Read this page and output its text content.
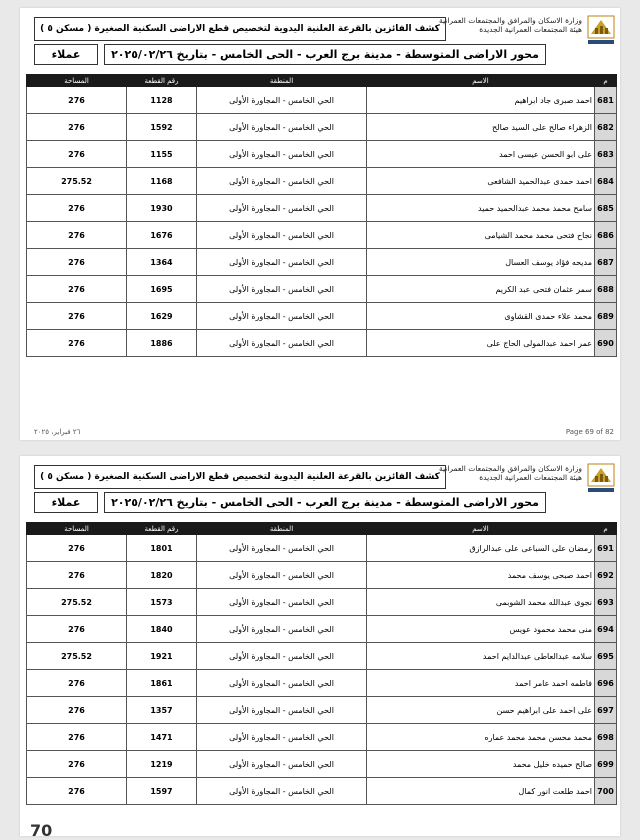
وزارة الاسكان والمرافق والمجتمعات العمرانية
هيئة المجتمعات العمرانية الجديدة
كشف الفائزين بالقرعة العلنية اليدوية لتخصيص قطع الاراضى السكنية الصغيرة ( مسكن ٥ )
محور الاراضى المتوسطة - مدينة برج العرب - الحى الخامس - بتاريخ ٢٠٢٥/٠٢/٢٦
عملاء
م	الاسم	المنطقة	رقم القطعة	المساحة
681	احمد صبرى جاد ابراهيم	الحي الخامس - المجاورة الأولى	1128	276
682	الزهراء صالح على السيد صالح	الحي الخامس - المجاورة الأولى	1592	276
683	على ابو الحسن عيسى احمد	الحي الخامس - المجاورة الأولى	1155	276
684	احمد حمدى عبدالحميد الشافعى	الحي الخامس - المجاورة الأولى	1168	275.52
685	سامح محمد محمد عبدالحميد حميد	الحي الخامس - المجاورة الأولى	1930	276
686	نجاح فتحى محمد محمد الشيامى	الحي الخامس - المجاورة الأولى	1676	276
687	مديحه فؤاد يوسف العسال	الحي الخامس - المجاورة الأولى	1364	276
688	سمر عثمان فتحى عبد الكريم	الحي الخامس - المجاورة الأولى	1695	276
689	محمد علاء حمدى القشاوى	الحي الخامس - المجاورة الأولى	1629	276
690	عمر احمد عبدالمولى الحاج على	الحي الخامس - المجاورة الأولى	1886	276
٢٦ فبراير، ٢٠٢٥	Page 69 of 82
وزارة الاسكان والمرافق والمجتمعات العمرانية
هيئة المجتمعات العمرانية الجديدة
كشف الفائزين بالقرعة العلنية اليدوية لتخصيص قطع الاراضى السكنية الصغيرة ( مسكن ٥ )
محور الاراضى المتوسطة - مدينة برج العرب - الحى الخامس - بتاريخ ٢٠٢٥/٠٢/٢٦
عملاء
م	الاسم	المنطقة	رقم القطعة	المساحة
691	رمضان على السباعى على عبدالرازق	الحي الخامس - المجاورة الأولى	1801	276
692	احمد صبحى يوسف محمد	الحي الخامس - المجاورة الأولى	1820	276
693	نجوى عبدالله محمد الشوبمى	الحي الخامس - المجاورة الأولى	1573	275.52
694	منى محمد محمود عويس	الحي الخامس - المجاورة الأولى	1840	276
695	سلامه عبدالعاطى عبدالدايم احمد	الحي الخامس - المجاورة الأولى	1921	275.52
696	فاطمه احمد عامر احمد	الحي الخامس - المجاورة الأولى	1861	276
697	على احمد على ابراهيم حسن	الحي الخامس - المجاورة الأولى	1357	276
698	محمد محسن محمد محمد عماره	الحي الخامس - المجاورة الأولى	1471	276
699	صالح حميده خليل محمد	الحي الخامس - المجاورة الأولى	1219	276
700	احمد طلعت انور كمال	الحي الخامس - المجاورة الأولى	1597	276
70
